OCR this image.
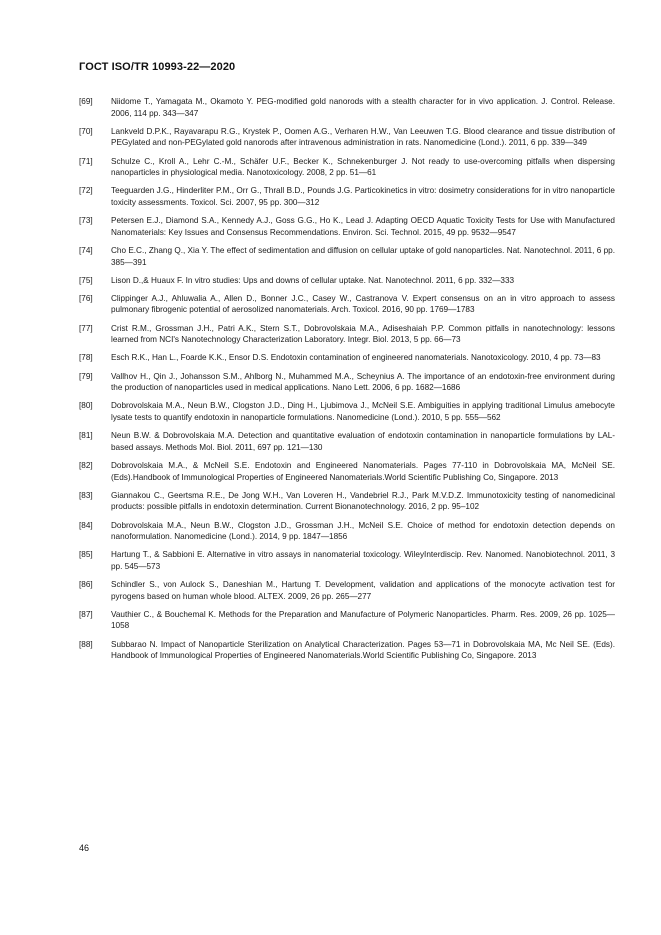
ГОСТ ISO/TR 10993-22—2020
[69]	Niidome T., Yamagata M., Okamoto Y. PEG-modified gold nanorods with a stealth character for in vivo application. J. Control. Release. 2006, 114 pp. 343—347
[70]	Lankveld D.P.K., Rayavarapu R.G., Krystek P., Oomen A.G., Verharen H.W., Van Leeuwen T.G. Blood clearance and tissue distribution of PEGylated and non-PEGylated gold nanorods after intravenous administration in rats. Nanomedicine (Lond.). 2011, 6 pp. 339—349
[71]	Schulze C., Kroll A., Lehr C.-M., Schäfer U.F., Becker K., Schnekenburger J. Not ready to use-overcoming pitfalls when dispersing nanoparticles in physiological media. Nanotoxicology. 2008, 2 pp. 51—61
[72]	Teeguarden J.G., Hinderliter P.M., Orr G., Thrall B.D., Pounds J.G. Particokinetics in vitro: dosimetry considerations for in vitro nanoparticle toxicity assessments. Toxicol. Sci. 2007, 95 pp. 300—312
[73]	Petersen E.J., Diamond S.A., Kennedy A.J., Goss G.G., Ho K., Lead J. Adapting OECD Aquatic Toxicity Tests for Use with Manufactured Nanomaterials: Key Issues and Consensus Recommendations. Environ. Sci. Technol. 2015, 49 pp. 9532—9547
[74]	Cho E.C., Zhang Q., Xia Y. The effect of sedimentation and diffusion on cellular uptake of gold nanoparticles. Nat. Nanotechnol. 2011, 6 pp. 385—391
[75]	Lison D.,& Huaux F. In vitro studies: Ups and downs of cellular uptake. Nat. Nanotechnol. 2011, 6 pp. 332—333
[76]	Clippinger A.J., Ahluwalia A., Allen D., Bonner J.C., Casey W., Castranova V. Expert consensus on an in vitro approach to assess pulmonary fibrogenic potential of aerosolized nanomaterials. Arch. Toxicol. 2016, 90 pp. 1769—1783
[77]	Crist R.M., Grossman J.H., Patri A.K., Stern S.T., Dobrovolskaia M.A., Adiseshaiah P.P. Common pitfalls in nanotechnology: lessons learned from NCI's Nanotechnology Characterization Laboratory. Integr. Biol. 2013, 5 pp. 66—73
[78]	Esch R.K., Han L., Foarde K.K., Ensor D.S. Endotoxin contamination of engineered nanomaterials. Nanotoxicology. 2010, 4 pp. 73—83
[79]	Vallhov H., Qin J., Johansson S.M., Ahlborg N., Muhammed M.A., Scheynius A. The importance of an endotoxin-free environment during the production of nanoparticles used in medical applications. Nano Lett. 2006, 6 pp. 1682—1686
[80]	Dobrovolskaia M.A., Neun B.W., Clogston J.D., Ding H., Ljubimova J., McNeil S.E. Ambiguities in applying traditional Limulus amebocyte lysate tests to quantify endotoxin in nanoparticle formulations. Nanomedicine (Lond.). 2010, 5 pp. 555—562
[81]	Neun B.W. & Dobrovolskaia M.A. Detection and quantitative evaluation of endotoxin contamination in nanoparticle formulations by LAL-based assays. Methods Mol. Biol. 2011, 697 pp. 121—130
[82]	Dobrovolskaia M.A., & McNeil S.E. Endotoxin and Engineered Nanomaterials. Pages 77-110 in Dobrovolskaia MA, McNeil SE. (Eds).Handbook of Immunological Properties of Engineered Nanomaterials.World Scientific Publishing Co, Singapore. 2013
[83]	Giannakou C., Geertsma R.E., De Jong W.H., Van Loveren H., Vandebriel R.J., Park M.V.D.Z. Immunotoxicity testing of nanomedicinal products: possible pitfalls in endotoxin determination. Current Bionanotechnology. 2016, 2 pp. 95–102
[84]	Dobrovolskaia M.A., Neun B.W., Clogston J.D., Grossman J.H., McNeil S.E. Choice of method for endotoxin detection depends on nanoformulation. Nanomedicine (Lond.). 2014, 9 pp. 1847—1856
[85]	Hartung T., & Sabbioni E. Alternative in vitro assays in nanomaterial toxicology. WileyInterdiscip. Rev. Nanomed. Nanobiotechnol. 2011, 3 pp. 545—573
[86]	Schindler S., von Aulock S., Daneshian M., Hartung T. Development, validation and applications of the monocyte activation test for pyrogens based on human whole blood. ALTEX. 2009, 26 pp. 265—277
[87]	Vauthier C., & Bouchemal K. Methods for the Preparation and Manufacture of Polymeric Nanoparticles. Pharm. Res. 2009, 26 pp. 1025—1058
[88]	Subbarao N. Impact of Nanoparticle Sterilization on Analytical Characterization. Pages 53—71 in Dobrovolskaia MA, Mc Neil SE. (Eds). Handbook of Immunological Properties of Engineered Nanomaterials.World Scientific Publishing Co, Singapore. 2013
46
